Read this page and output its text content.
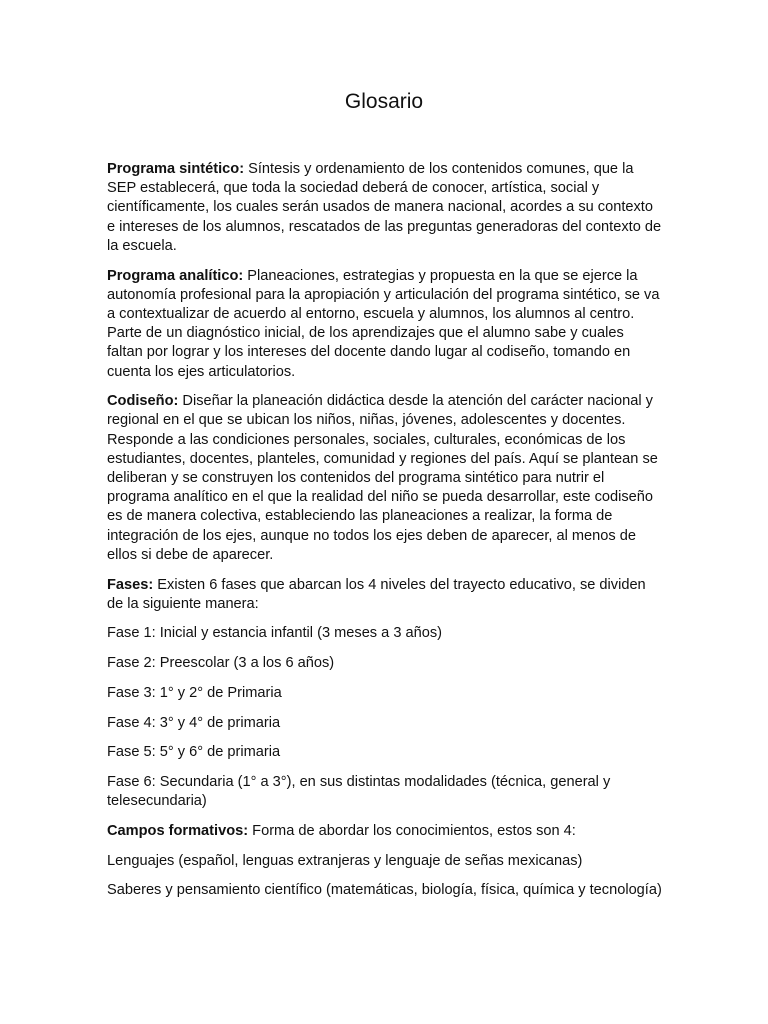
Glosario

Programa sintético: Síntesis y ordenamiento de los contenidos comunes, que la SEP establecerá, que toda la sociedad deberá de conocer, artística, social y científicamente, los cuales serán usados de manera nacional, acordes a su contexto e intereses de los alumnos, rescatados de las preguntas generadoras del contexto de la escuela.

Programa analítico: Planeaciones, estrategias y propuesta en la que se ejerce la autonomía profesional para la apropiación y articulación del programa sintético, se va a contextualizar de acuerdo al entorno, escuela y alumnos, los alumnos al centro. Parte de un diagnóstico inicial, de los aprendizajes que el alumno sabe y cuales faltan por lograr y los intereses del docente dando lugar al codiseño, tomando en cuenta los ejes articulatorios.

Codiseño: Diseñar la planeación didáctica desde la atención del carácter nacional y regional en el que se ubican los niños, niñas, jóvenes, adolescentes y docentes. Responde a las condiciones personales, sociales, culturales, económicas de los estudiantes, docentes, planteles, comunidad y regiones del país. Aquí se plantean se deliberan y se construyen los contenidos del programa sintético para nutrir el programa analítico en el que la realidad del niño se pueda desarrollar, este codiseño es de manera colectiva, estableciendo las planeaciones a realizar, la forma de integración de los ejes, aunque no todos los ejes deben de aparecer, al menos de ellos si debe de aparecer.

Fases: Existen 6 fases que abarcan los 4 niveles del trayecto educativo, se dividen de la siguiente manera:

Fase 1: Inicial y estancia infantil (3 meses a 3 años)

Fase 2: Preescolar (3 a los 6 años)

Fase 3: 1° y 2° de Primaria

Fase 4: 3° y 4° de primaria

Fase 5: 5° y 6° de primaria

Fase 6: Secundaria (1° a 3°), en sus distintas modalidades (técnica, general y telesecundaria)

Campos formativos: Forma de abordar los conocimientos, estos son 4:

Lenguajes (español, lenguas extranjeras y lenguaje de señas mexicanas)

Saberes y pensamiento científico (matemáticas, biología, física, química y tecnología)
